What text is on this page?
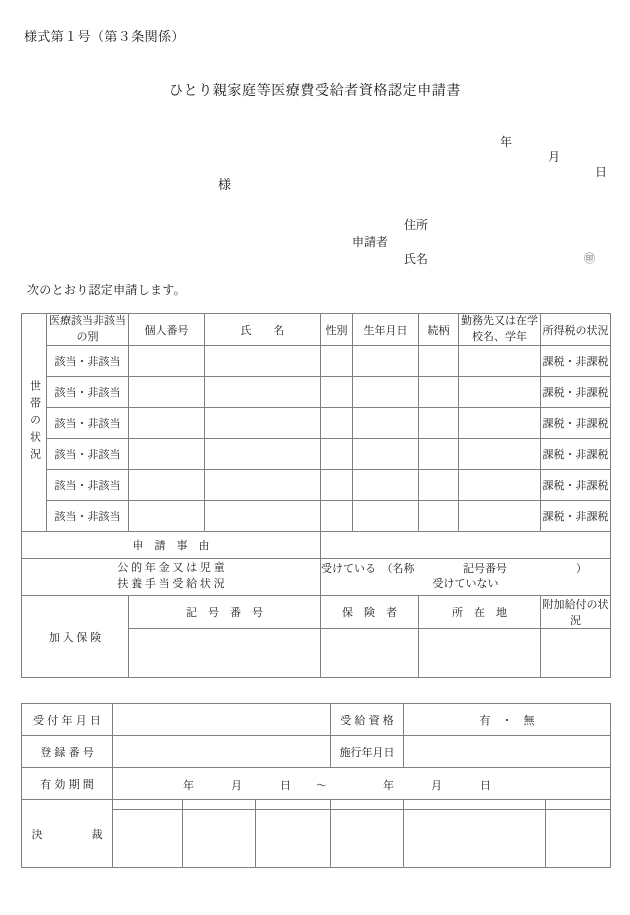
様式第１号（第３条関係）
ひとり親家庭等医療費受給者資格認定申請書

年

月

日

様

申請者

住所

氏名

	㊞

次のとおり認定申請します。
世帯の状況	医療該当非該当の別	個人番号	氏　　名	性別	生年月日	続柄	勤務先又は在学校名、学年	所得税の状況
	該当・非該当							課税・非課税
	該当・非該当							課税・非課税
	該当・非該当							課税・非課税
	該当・非該当							課税・非課税
	該当・非該当							課税・非課税
	該当・非該当							課税・非課税
申　請　事　由								

公 的 年 金 又 は 児 童
扶 養 手 当 受 給 状 況

受けている　（名称	記号番号	）
受けていない

加 入 保 険		記　号　番　号		保　険　者		所　在　地		附加給付の状況

受付年月日				受給資格	有　・　無	
登録番号				施行年月日		
有効期間	年	月	日 〜	年	月	日

決　　裁						
